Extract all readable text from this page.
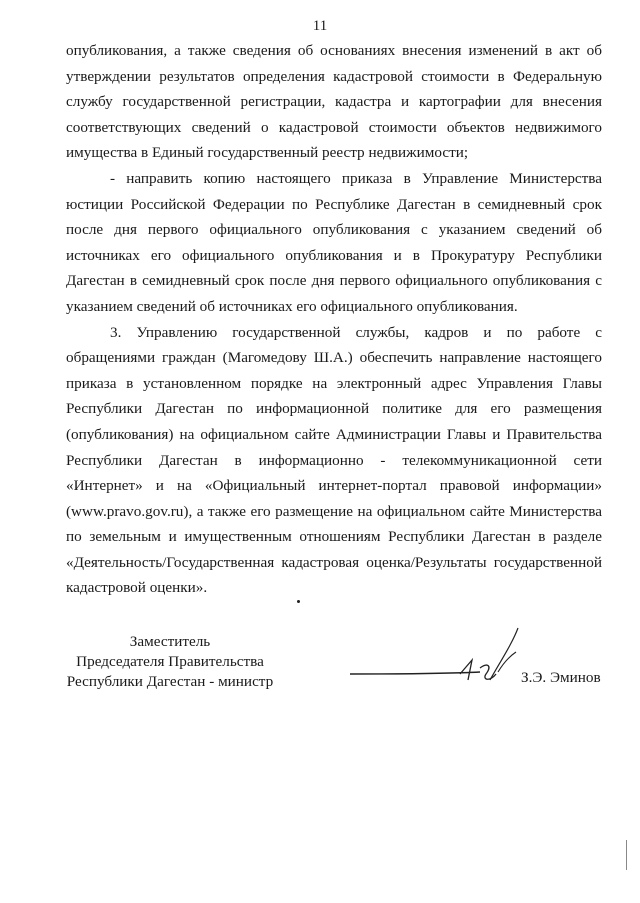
11

опубликования, а также сведения об основаниях внесения изменений в акт об утверждении результатов определения кадастровой стоимости в Федеральную службу государственной регистрации, кадастра и картографии для внесения соответствующих сведений о кадастровой стоимости объектов недвижимого имущества в Единый государственный реестр недвижимости;

- направить копию настоящего приказа в Управление Министерства юстиции Российской Федерации по Республике Дагестан в семидневный срок после дня первого официального опубликования с указанием сведений об источниках его официального опубликования и в Прокуратуру Республики Дагестан в семидневный срок после дня первого официального опубликования с указанием сведений об источниках его официального опубликования.

3. Управлению государственной службы, кадров и по работе с обращениями граждан (Магомедову Ш.А.) обеспечить направление настоящего приказа в установленном порядке на электронный адрес Управления Главы Республики Дагестан по информационной политике для его размещения (опубликования) на официальном сайте Администрации Главы и Правительства Республики Дагестан в информационно - телекоммуникационной сети «Интернет» и на «Официальный интернет-портал правовой информации» (www.pravo.gov.ru), а также его размещение на официальном сайте Министерства по земельным и имущественным отношениям Республики Дагестан в разделе «Деятельность/Государственная кадастровая оценка/Результаты государственной кадастровой оценки».

Заместитель
Председателя Правительства
Республики Дагестан - министр	З.Э. Эминов
